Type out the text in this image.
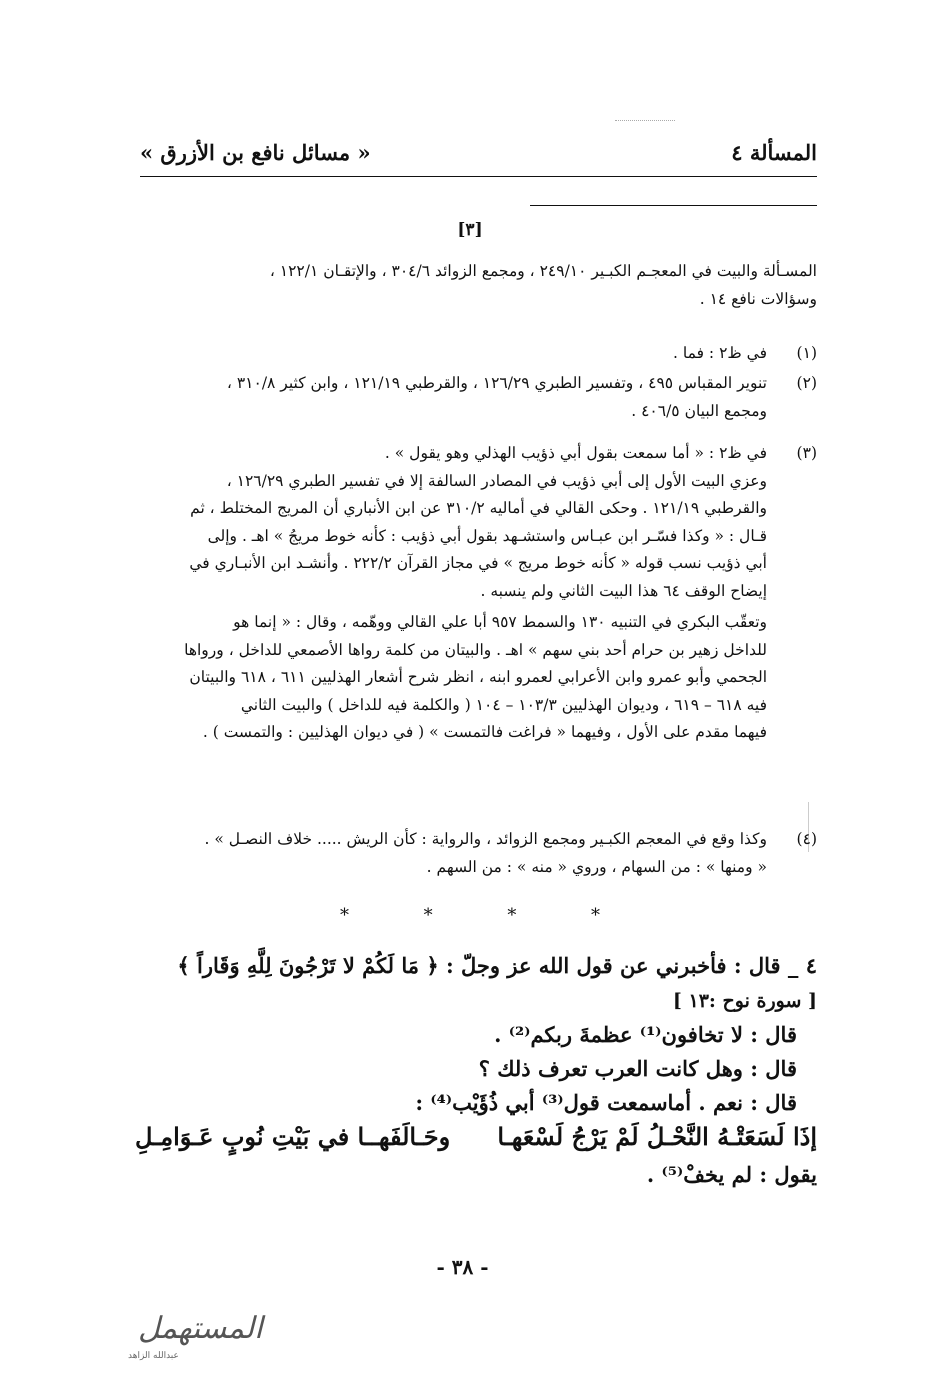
« مسائل نافع بن الأزرق »	المسألة ٤
[٣]
المسـألة والبيت في المعجـم الكبـير ٢٤٩/١٠ ، ومجمع الزوائد ٣٠٤/٦ ، والإتقـان ١٢٢/١ ،
وسؤالات نافع ١٤ .
(١)
في ظ٢ : فما .
(٢)
تنوير المقباس ٤٩٥ ، وتفسير الطبري ١٢٦/٢٩ ، والقرطبي ١٢١/١٩ ، وابن كثير ٣١٠/٨ ،
ومجمع البيان ٤٠٦/٥ .
(٣)
في ظ٢ : « أما سمعت بقول أبي ذؤيب الهذلي وهو يقول » .
وعزي البيت الأول إلى أبي ذؤيب في المصادر السالفة إلا في تفسير الطبري ١٢٦/٢٩ ،
والقرطبي ١٢١/١٩ . وحكى القالي في أماليه ٣١٠/٢ عن ابن الأنباري أن المريج المختلط ، ثم
قـال : « وكذا فسّـر ابن عبـاس واستشـهد بقول أبي ذؤيب : كأنه خوط مريجُ » اهـ . وإلى
أبي ذؤيب نسب قوله « كأنه خوط مريج » في مجاز القرآن ٢٢٢/٢ . وأنشـد ابن الأنبـاري في
إيضاح الوقف ٦٤ هذا البيت الثاني ولم ينسبه .
وتعقّب البكري في التنبيه ١٣٠ والسمط ٩٥٧ أبا علي القالي ووهّمه ، وقال : « إنما هو
للداخل زهير بن حرام أحد بني سهم » اهـ . والبيتان من كلمة رواها الأصمعي للداخل ، ورواها
الجحمي وأبو عمرو وابن الأعرابي لعمرو ابنه ، انظر شرح أشعار الهذليين ٦١١ ، ٦١٨ والبيتان
فيه ٦١٨ – ٦١٩ ، وديوان الهذليين ١٠٣/٣ – ١٠٤ ( والكلمة فيه للداخل ) والبيت الثاني
فيهما مقدم على الأول ، وفيهما « فراغت فالتمست » ( في ديوان الهذليين : والتمست ) .
(٤)
وكذا وقع في المعجم الكبـير ومجمع الزوائد ، والرواية : كأن الريش ..... خلاف النصـل » .
« ومنها » : من السهام ، وروي « منه » : من السهم .
*	*	*	*
٤ _ قال : فأخبرني عن قول الله عز وجلّ : ﴿ مَا لَكُمْ لا تَرْجُونَ لِلَّهِ وَقَاراً ﴾
[ سورة نوح :١٣ ]
قال : لا تخافون⁽¹⁾ عظمةَ ربكم⁽²⁾ .
قال : وهل كانت العرب تعرف ذلك ؟
قال : نعم . أماسمعت قول⁽³⁾ أبي ذُؤَيْب⁽⁴⁾ :
إذَا لَسَعَتْـهُ النَّحْـلُ لَمْ يَرْجُ لَسْعَهـا
وحَـالَفَهــا في بَيْتِ نُوبٍ عَـوَامِـلِ
يقول : لم يخفْ⁽⁵⁾ .
- ٣٨ -
المستهمل
عبدالله الزاهد
